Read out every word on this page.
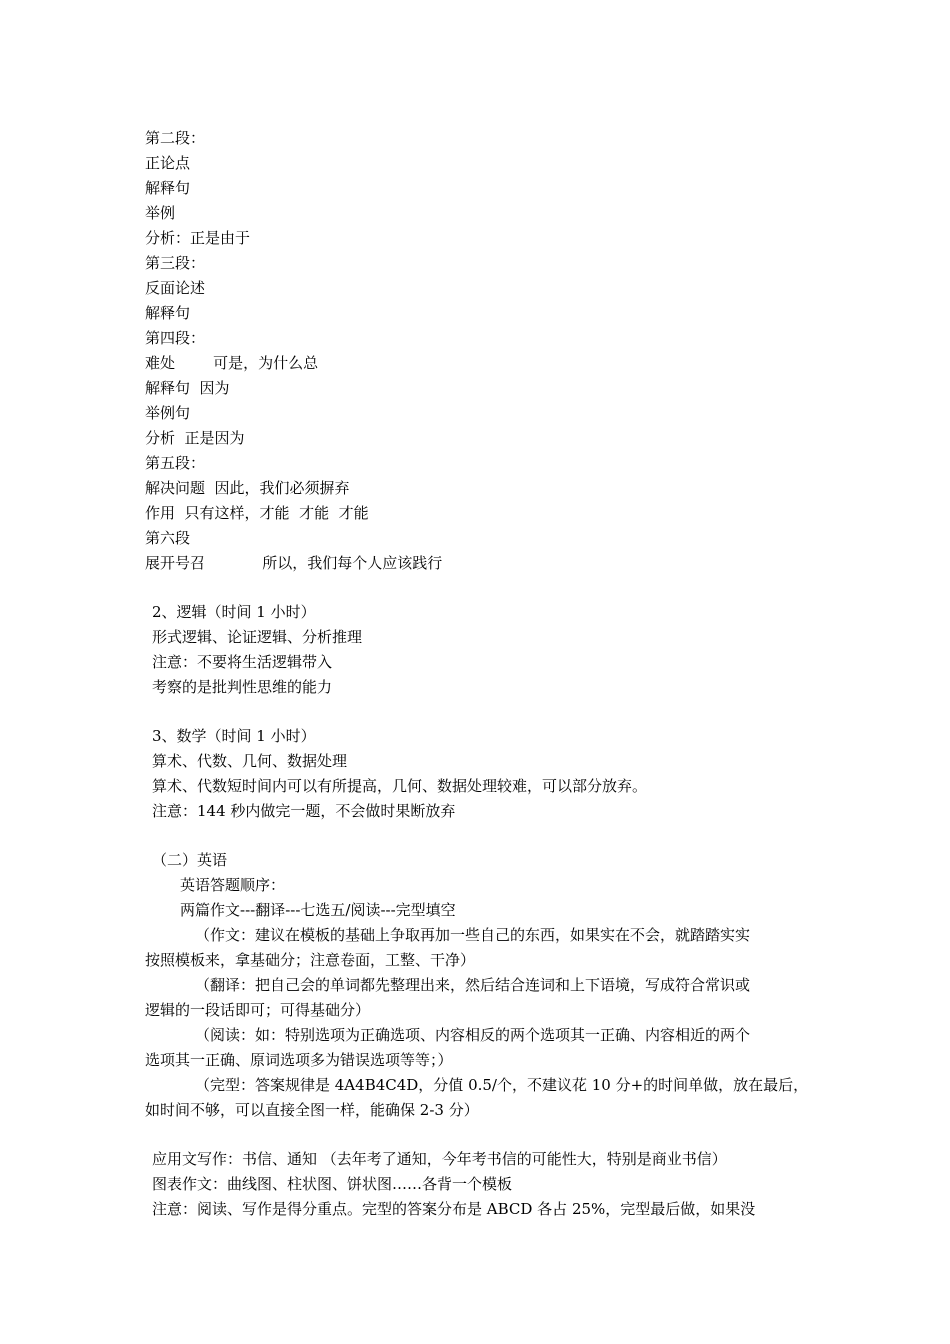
第二段：
正论点
解释句
举例
分析：正是由于
第三段：
反面论述
解释句
第四段：
难处        可是，为什么总
解释句  因为
举例句
分析  正是因为
第五段：
解决问题  因此，我们必须摒弃
作用  只有这样，才能  才能  才能
第六段
展开号召            所以，我们每个人应该践行
2、逻辑（时间 1 小时）
形式逻辑、论证逻辑、分析推理
注意：不要将生活逻辑带入
考察的是批判性思维的能力
3、数学（时间 1 小时）
算术、代数、几何、数据处理
算术、代数短时间内可以有所提高，几何、数据处理较难，可以部分放弃。
注意：144 秒内做完一题，不会做时果断放弃
（二）英语
英语答题顺序：
两篇作文---翻译---七选五/阅读---完型填空
（作文：建议在模板的基础上争取再加一些自己的东西，如果实在不会，就踏踏实实
按照模板来，拿基础分；注意卷面，工整、干净）
（翻译：把自己会的单词都先整理出来，然后结合连词和上下语境，写成符合常识或
逻辑的一段话即可；可得基础分）
（阅读：如：特别选项为正确选项、内容相反的两个选项其一正确、内容相近的两个
选项其一正确、原词选项多为错误选项等等；）
（完型：答案规律是 4A4B4C4D，分值 0.5/个，不建议花 10 分+的时间单做，放在最后，
如时间不够，可以直接全图一样，能确保 2-3 分）
应用文写作：书信、通知 （去年考了通知，今年考书信的可能性大，特别是商业书信）
图表作文：曲线图、柱状图、饼状图……各背一个模板
注意：阅读、写作是得分重点。完型的答案分布是 ABCD 各占 25%，完型最后做，如果没
